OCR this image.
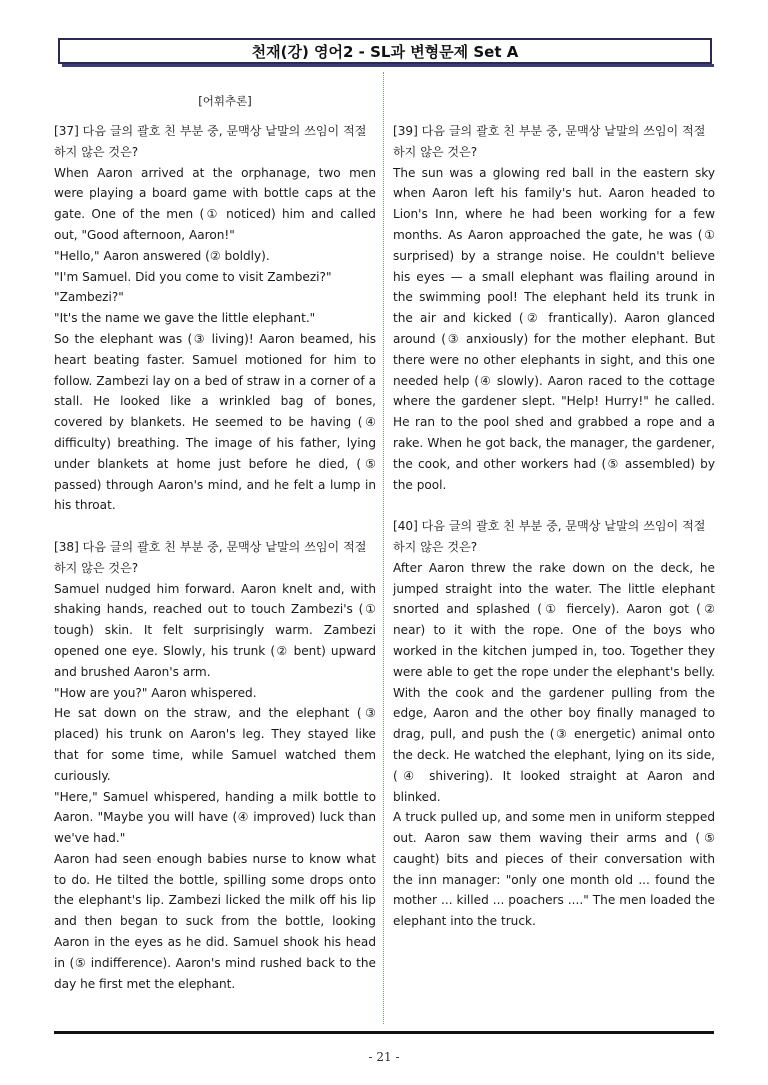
천재(강) 영어2 - SL과 변형문제 Set A
[어휘추론]
[37] 다음 글의 괄호 친 부분 중, 문맥상 낱말의 쓰임이 적절하지 않은 것은?

When Aaron arrived at the orphanage, two men were playing a board game with bottle caps at the gate. One of the men (① noticed) him and called out, "Good afternoon, Aaron!"

"Hello," Aaron answered (② boldly).

"I'm Samuel. Did you come to visit Zambezi?"

"Zambezi?"

"It's the name we gave the little elephant."

So the elephant was (③ living)! Aaron beamed, his heart beating faster. Samuel motioned for him to follow. Zambezi lay on a bed of straw in a corner of a stall. He looked like a wrinkled bag of bones, covered by blankets. He seemed to be having (④ difficulty) breathing. The image of his father, lying under blankets at home just before he died, (⑤ passed) through Aaron's mind, and he felt a lump in his throat.

[38] 다음 글의 괄호 친 부분 중, 문맥상 낱말의 쓰임이 적절하지 않은 것은?

Samuel nudged him forward. Aaron knelt and, with shaking hands, reached out to touch Zambezi's (① tough) skin. It felt surprisingly warm. Zambezi opened one eye. Slowly, his trunk (② bent) upward and brushed Aaron's arm.

"How are you?" Aaron whispered.

He sat down on the straw, and the elephant (③ placed) his trunk on Aaron's leg. They stayed like that for some time, while Samuel watched them curiously.

"Here," Samuel whispered, handing a milk bottle to Aaron. "Maybe you will have (④ improved) luck than we've had."

Aaron had seen enough babies nurse to know what to do. He tilted the bottle, spilling some drops onto the elephant's lip. Zambezi licked the milk off his lip and then began to suck from the bottle, looking Aaron in the eyes as he did. Samuel shook his head in (⑤ indifference). Aaron's mind rushed back to the day he first met the elephant.

[39] 다음 글의 괄호 친 부분 중, 문맥상 낱말의 쓰임이 적절하지 않은 것은?

The sun was a glowing red ball in the eastern sky when Aaron left his family's hut. Aaron headed to Lion's Inn, where he had been working for a few months. As Aaron approached the gate, he was (① surprised) by a strange noise. He couldn't believe his eyes — a small elephant was flailing around in the swimming pool! The elephant held its trunk in the air and kicked (② frantically). Aaron glanced around (③ anxiously) for the mother elephant. But there were no other elephants in sight, and this one needed help (④ slowly). Aaron raced to the cottage where the gardener slept. "Help! Hurry!" he called. He ran to the pool shed and grabbed a rope and a rake. When he got back, the manager, the gardener, the cook, and other workers had (⑤ assembled) by the pool.

[40] 다음 글의 괄호 친 부분 중, 문맥상 낱말의 쓰임이 적절하지 않은 것은?

After Aaron threw the rake down on the deck, he jumped straight into the water. The little elephant snorted and splashed (① fiercely). Aaron got (② near) to it with the rope. One of the boys who worked in the kitchen jumped in, too. Together they were able to get the rope under the elephant's belly. With the cook and the gardener pulling from the edge, Aaron and the other boy finally managed to drag, pull, and push the (③ energetic) animal onto the deck. He watched the elephant, lying on its side, (④ shivering). It looked straight at Aaron and blinked.

A truck pulled up, and some men in uniform stepped out. Aaron saw them waving their arms and (⑤ caught) bits and pieces of their conversation with the inn manager: "only one month old ... found the mother ... killed ... poachers ...." The men loaded the elephant into the truck.

- 21 -
